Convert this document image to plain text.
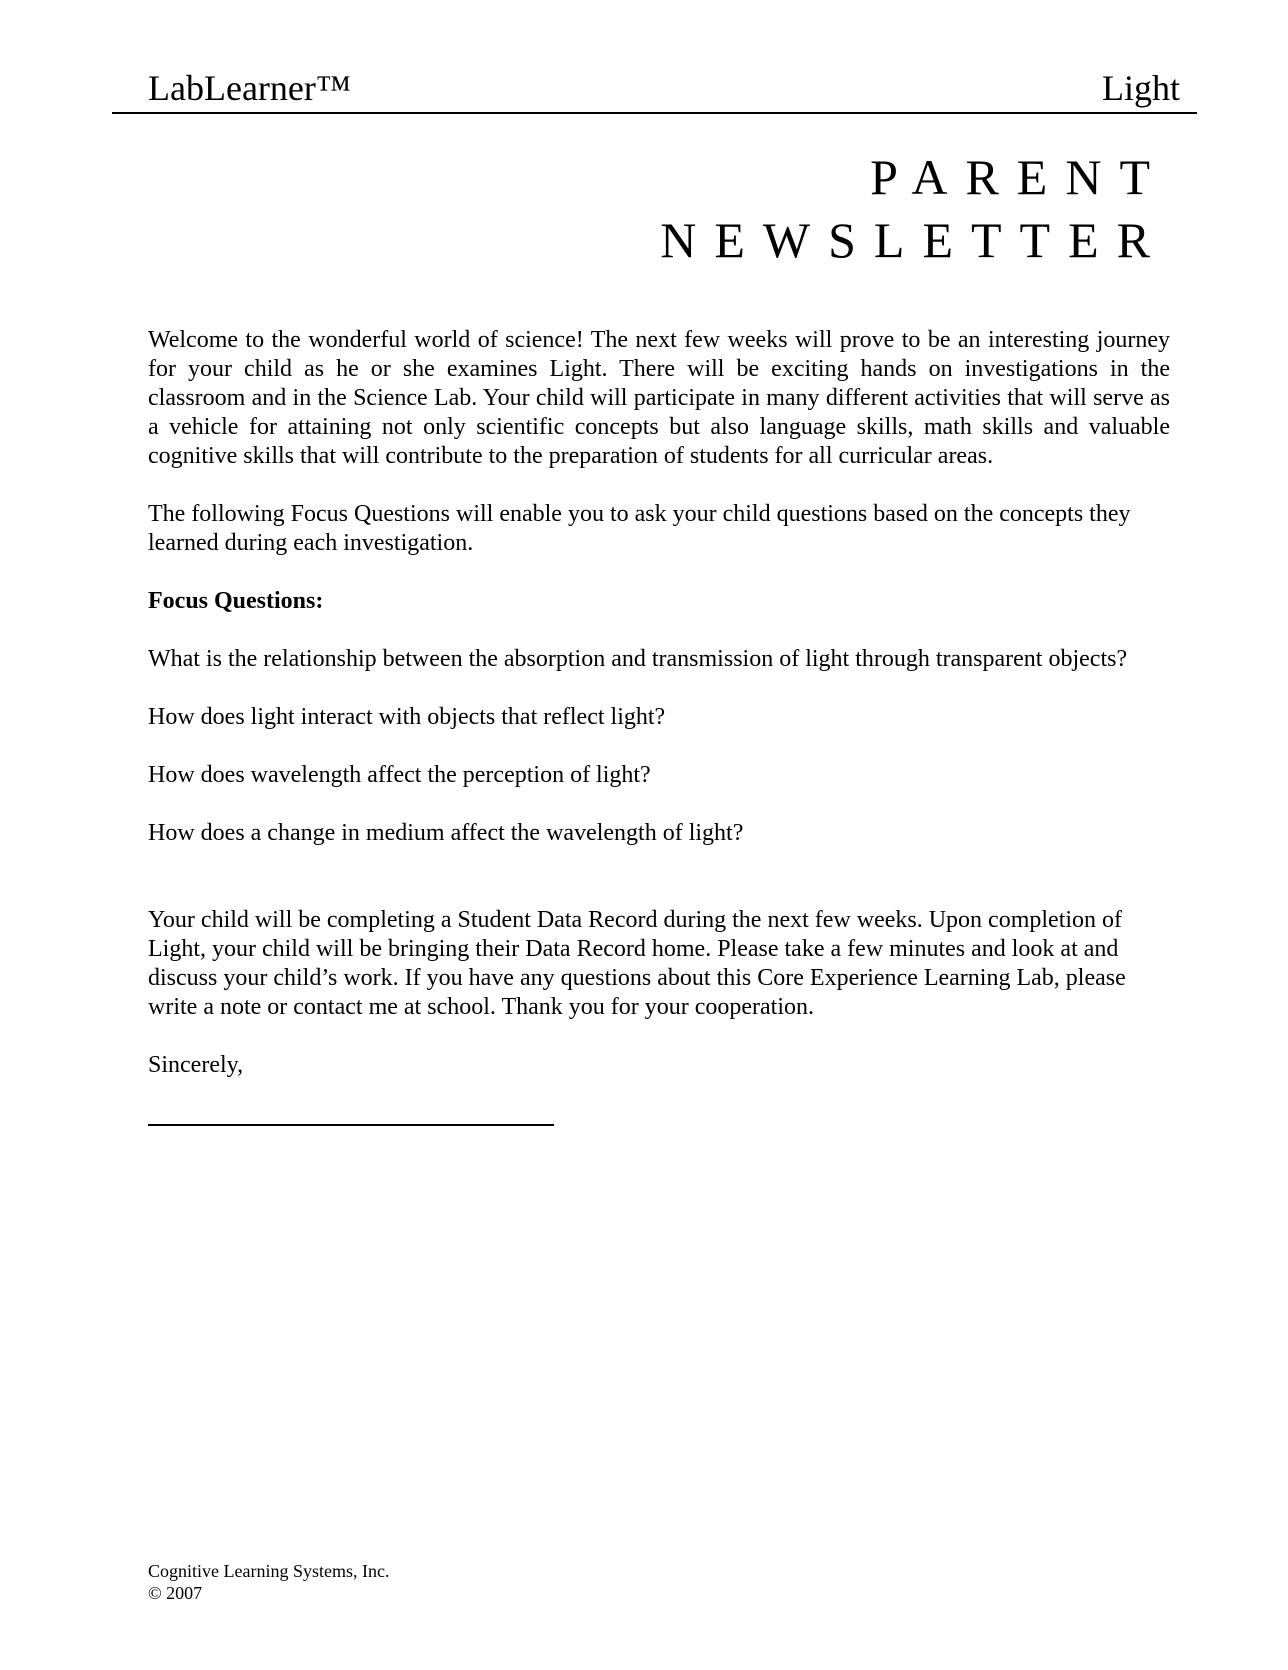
LabLearner™	Light
PARENT
NEWSLETTER

Welcome to the wonderful world of science! The next few weeks will prove to be an interesting journey for your child as he or she examines Light. There will be exciting hands on investigations in the classroom and in the Science Lab. Your child will participate in many different activities that will serve as a vehicle for attaining not only scientific concepts but also language skills, math skills and valuable cognitive skills that will contribute to the preparation of students for all curricular areas.

The following Focus Questions will enable you to ask your child questions based on the concepts they learned during each investigation.

Focus Questions:

What is the relationship between the absorption and transmission of light through transparent objects?

How does light interact with objects that reflect light?

How does wavelength affect the perception of light?

How does a change in medium affect the wavelength of light?

Your child will be completing a Student Data Record during the next few weeks. Upon completion of Light, your child will be bringing their Data Record home. Please take a few minutes and look at and discuss your child’s work. If you have any questions about this Core Experience Learning Lab, please write a note or contact me at school. Thank you for your cooperation.

Sincerely,

Cognitive Learning Systems, Inc.
© 2007
